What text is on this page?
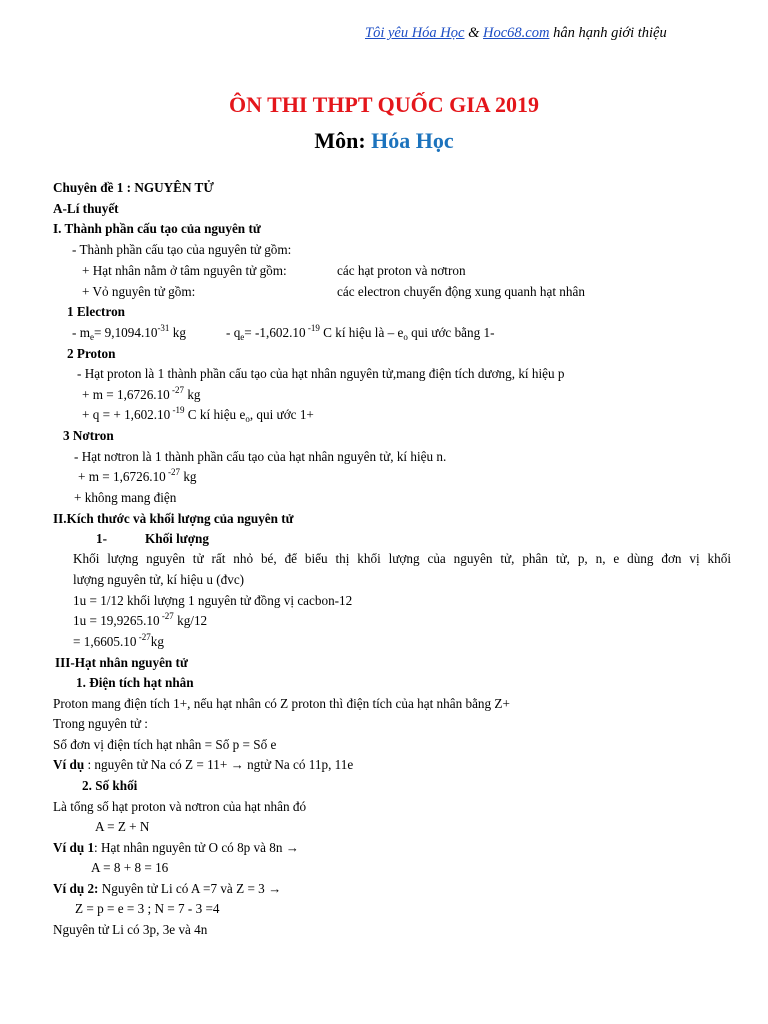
Tôi yêu Hóa Học & Hoc68.com hân hạnh giới thiệu
ÔN THI THPT QUỐC GIA 2019
Môn: Hóa Học
Chuyên đề 1 : NGUYÊN TỬ
A-Lí thuyết
I. Thành phần cấu tạo của nguyên tử
- Thành phần cấu tạo của nguyên tử gồm:
+ Hạt nhân nằm ở tâm nguyên tử gồm:	các hạt proton và nơtron
+ Vỏ nguyên tử gồm:	các electron chuyển động xung quanh hạt nhân
1 Electron
- $m_e= 9,1094.10^{-31}$ kg	- $q_e= -1,602.10$ $^{-19}$ C kí hiệu là – $e_o$ qui ước bằng 1-
2 Proton
- Hạt proton là 1 thành phần cấu tạo của hạt nhân nguyên tử,mang điện tích dương, kí hiệu p
+ m = 1,6726.10 $^{-27}$ kg
+ q = + 1,602.10 $^{-19}$ C kí hiệu $e_o$, qui ước 1+
3 Nơtron
- Hạt nơtron là 1 thành phần cấu tạo của hạt nhân nguyên tử, kí hiệu n.
+ m = 1,6726.10 $^{-27}$ kg
+ không mang điện
II.Kích thước và khối lượng của nguyên tử
1-	Khối lượng
Khối lượng nguyên tử rất nhỏ bé, để biểu thị khối lượng của nguyên tử, phân tử, p, n, e dùng đơn vị khối
lượng nguyên tử, kí hiệu u (đvc)
1u = 1/12 khối lượng 1 nguyên tử đồng vị cacbon-12
1u = 19,9265.10 $^{-27}$ kg/12
= 1,6605.10 $^{-27}$kg
III-Hạt nhân nguyên tử
1. Điện tích hạt nhân
Proton mang điện tích 1+, nếu hạt nhân có Z proton thì điện tích của hạt nhân bằng Z+
Trong nguyên tử :
Số đơn vị điện tích hạt nhân = Số p = Số e
Ví dụ : nguyên tử Na có Z = 11+ → ngtử Na có 11p, 11e
2. Số khối
Là tổng số hạt proton và nơtron của hạt nhân đó
A = Z + N
Ví dụ 1: Hạt nhân nguyên tử O có 8p và 8n →
A = 8 + 8 = 16
Ví dụ 2: Nguyên tử Li có A =7 và Z = 3 →
Z = p = e = 3 ; N = 7 - 3 =4
Nguyên tử Li có 3p, 3e và 4n
